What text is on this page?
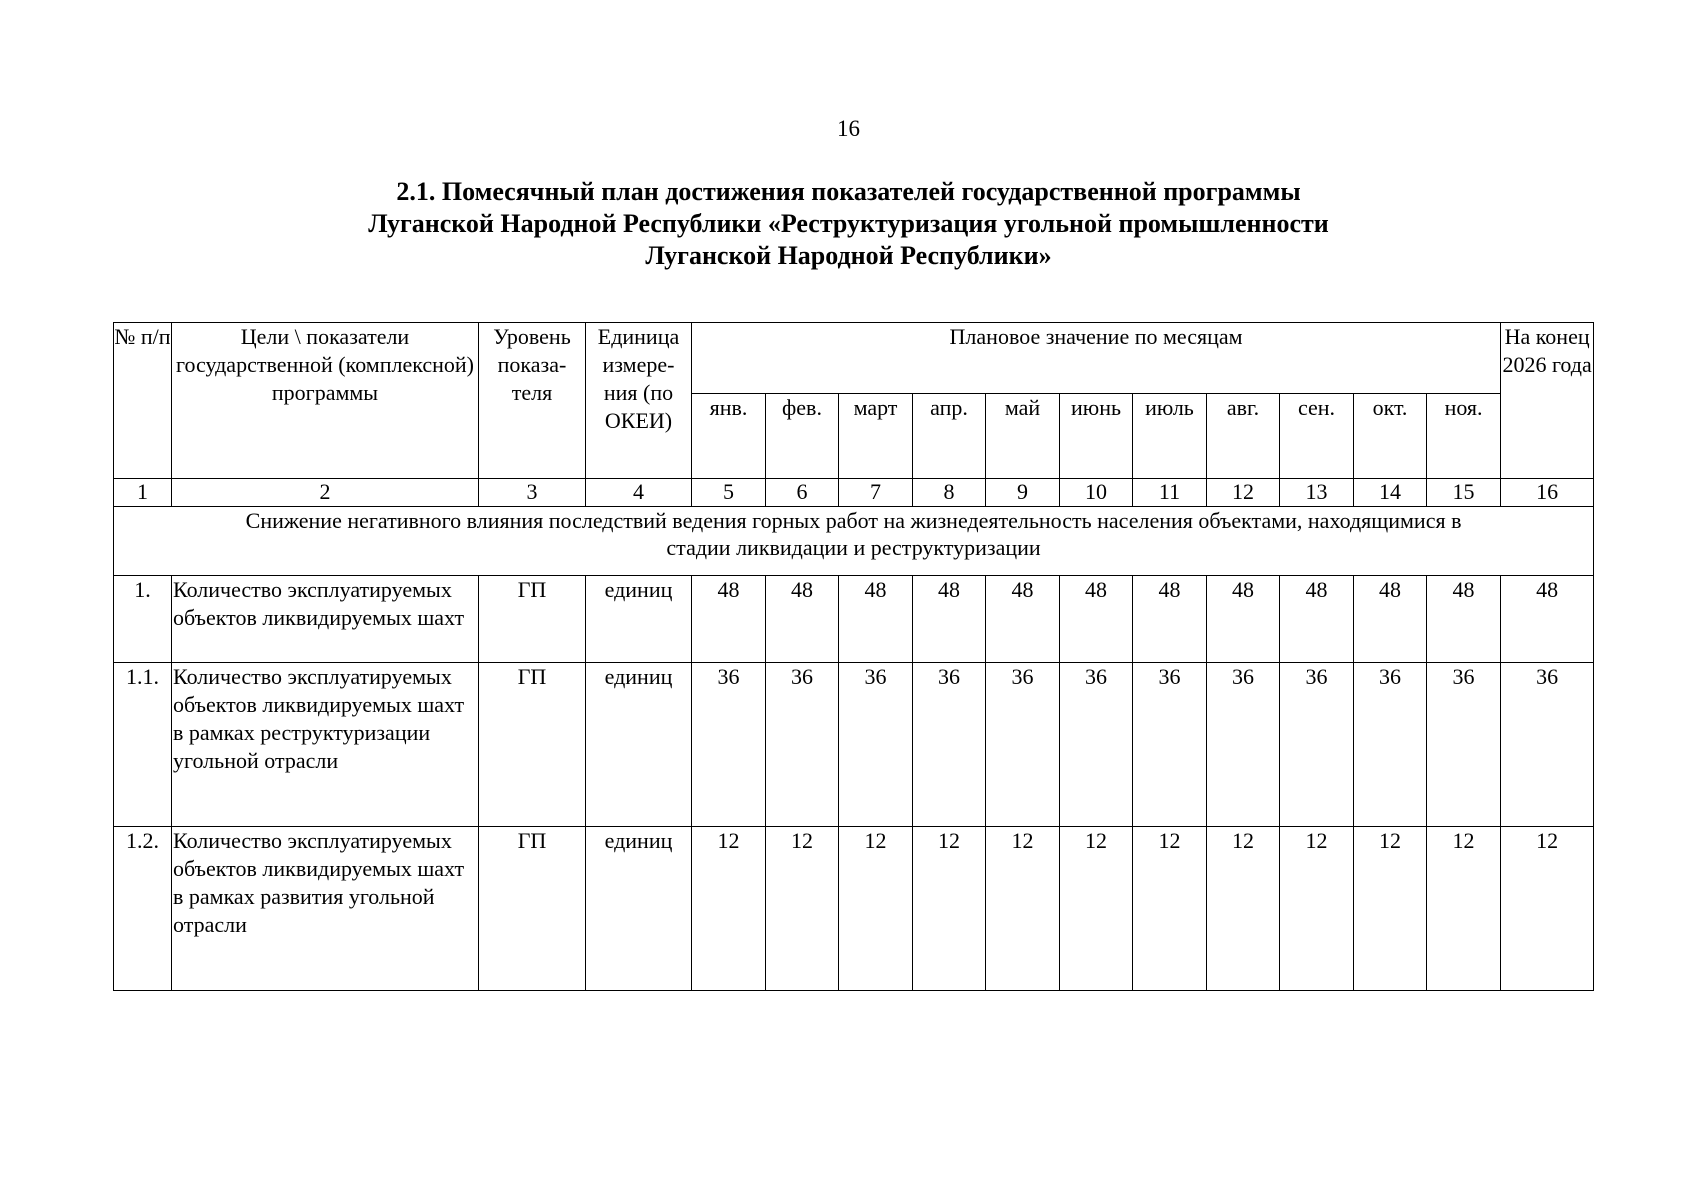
16
2.1. Помесячный план достижения показателей государственной программы
Луганской Народной Республики «Реструктуризация угольной промышленности
Луганской Народной Республики»
№ п/п	Цели \ показатели государственной (комплексной) программы	Уровень показа-теля	Единица измере-ния (по ОКЕИ)	Плановое значение по месяцам											На конец 2026 года
				янв.	фев.	март	апр.	май	июнь	июль	авг.	сен.	окт.	ноя.	
1	2	3	4	5	6	7	8	9	10	11	12	13	14	15	16
Снижение негативного влияния последствий ведения горных работ на жизнедеятельность населения объектами, находящимися в стадии ликвидации и реструктуризации															
1.	Количество эксплуатируемых объектов ликвидируемых шахт	ГП	единиц	48	48	48	48	48	48	48	48	48	48	48	48
1.1.	Количество эксплуатируемых объектов ликвидируемых шахт в рамках реструктуризации угольной отрасли	ГП	единиц	36	36	36	36	36	36	36	36	36	36	36	36
1.2.	Количество эксплуатируемых объектов ликвидируемых шахт в рамках развития угольной отрасли	ГП	единиц	12	12	12	12	12	12	12	12	12	12	12	12
